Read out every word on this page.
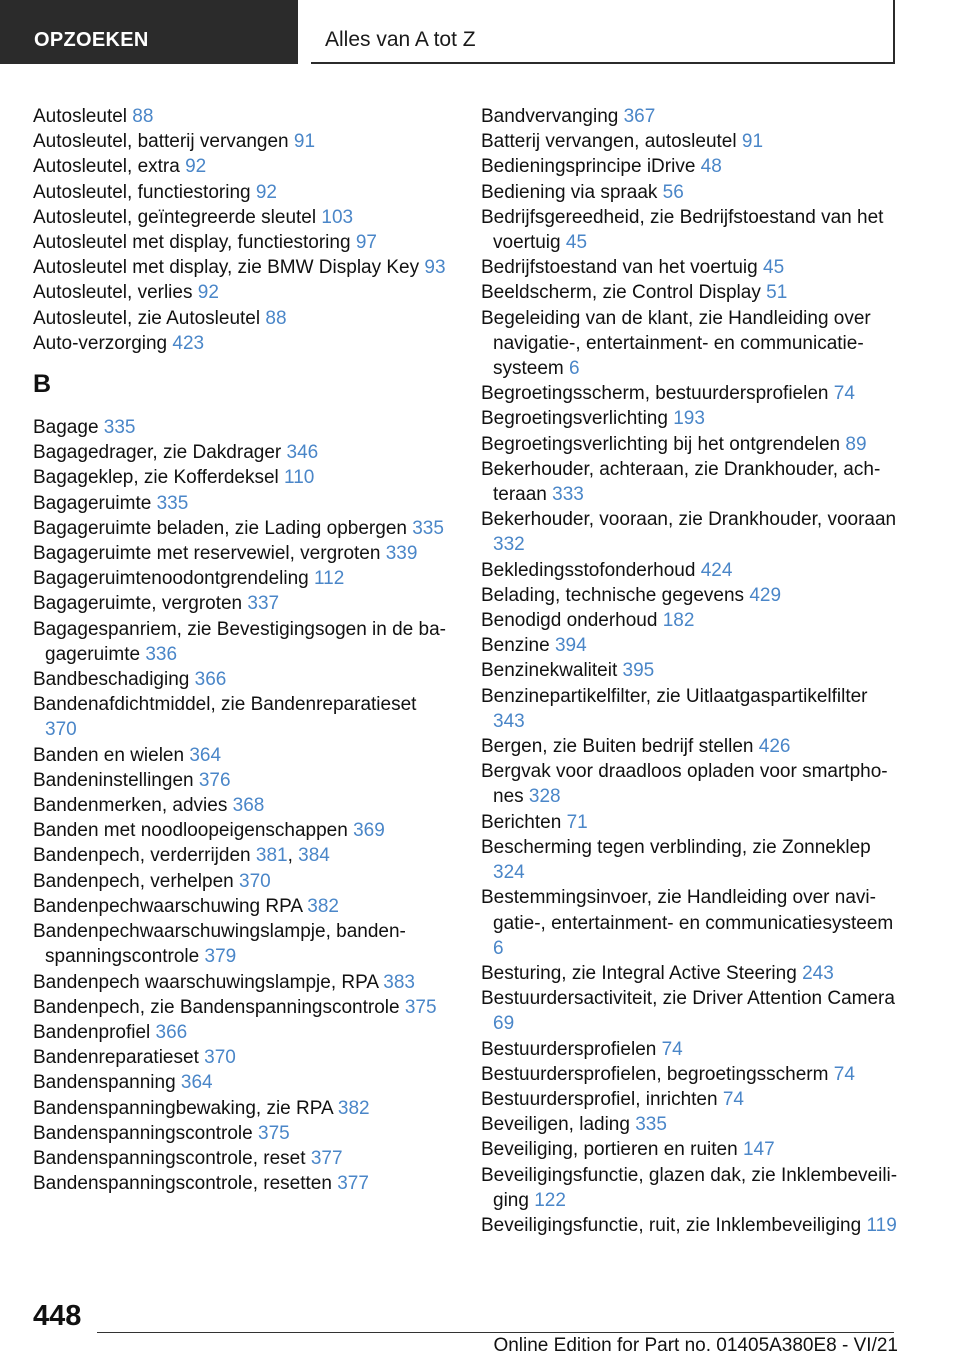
OPZOEKEN	Alles van A tot Z
Autosleutel 88
Autosleutel, batterij vervangen 91
Autosleutel, extra 92
Autosleutel, functiestoring 92
Autosleutel, geïntegreerde sleutel 103
Autosleutel met display, functiestoring 97
Autosleutel met display, zie BMW Display Key 93
Autosleutel, verlies 92
Autosleutel, zie Autosleutel 88
Auto-verzorging 423
B
Bagage 335
Bagagedrager, zie Dakdrager 346
Bagageklep, zie Kofferdeksel 110
Bagageruimte 335
Bagageruimte beladen, zie Lading opbergen 335
Bagageruimte met reservewiel, vergroten 339
Bagageruimtenoodontgrendeling 112
Bagageruimte, vergroten 337
Bagagespanriem, zie Bevestigingsogen in de bagageruimte 336
Bandbeschadiging 366
Bandenafdichtmiddel, zie Bandenreparatieset 370
Banden en wielen 364
Bandeninstellingen 376
Bandenmerken, advies 368
Banden met noodloopeigenschappen 369
Bandenpech, verderrijden 381, 384
Bandenpech, verhelpen 370
Bandenpechwaarschuwing RPA 382
Bandenpechwaarschuwingslampje, bandenspanningscontrole 379
Bandenpech waarschuwingslampje, RPA 383
Bandenpech, zie Bandenspanningscontrole 375
Bandenprofiel 366
Bandenreparatieset 370
Bandenspanning 364
Bandenspanningbewaking, zie RPA 382
Bandenspanningscontrole 375
Bandenspanningscontrole, reset 377
Bandenspanningscontrole, resetten 377
Bandvervanging 367
Batterij vervangen, autosleutel 91
Bedieningsprincipe iDrive 48
Bediening via spraak 56
Bedrijfsgereedheid, zie Bedrijfstoestand van het voertuig 45
Bedrijfstoestand van het voertuig 45
Beeldscherm, zie Control Display 51
Begeleiding van de klant, zie Handleiding over navigatie-, entertainment- en communicatiesysteem 6
Begroetingsscherm, bestuurdersprofielen 74
Begroetingsverlichting 193
Begroetingsverlichting bij het ontgrendelen 89
Bekerhouder, achteraan, zie Drankhouder, achteraan 333
Bekerhouder, vooraan, zie Drankhouder, vooraan 332
Bekledingsstofonderhoud 424
Belading, technische gegevens 429
Benodigd onderhoud 182
Benzine 394
Benzinekwaliteit 395
Benzinepartikelfilter, zie Uitlaatgaspartikelfilter 343
Bergen, zie Buiten bedrijf stellen 426
Bergvak voor draadloos opladen voor smartphones 328
Berichten 71
Bescherming tegen verblinding, zie Zonneklep 324
Bestemmingsinvoer, zie Handleiding over navigatie-, entertainment- en communicatiesysteem 6
Besturing, zie Integral Active Steering 243
Bestuurdersactiviteit, zie Driver Attention Camera 69
Bestuurdersprofielen 74
Bestuurdersprofielen, begroetingsscherm 74
Bestuurdersprofiel, inrichten 74
Beveiligen, lading 335
Beveiliging, portieren en ruiten 147
Beveiligingsfunctie, glazen dak, zie Inklembeveiliging 122
Beveiligingsfunctie, ruit, zie Inklembeveiliging 119
448
Online Edition for Part no. 01405A380E8 - VI/21
